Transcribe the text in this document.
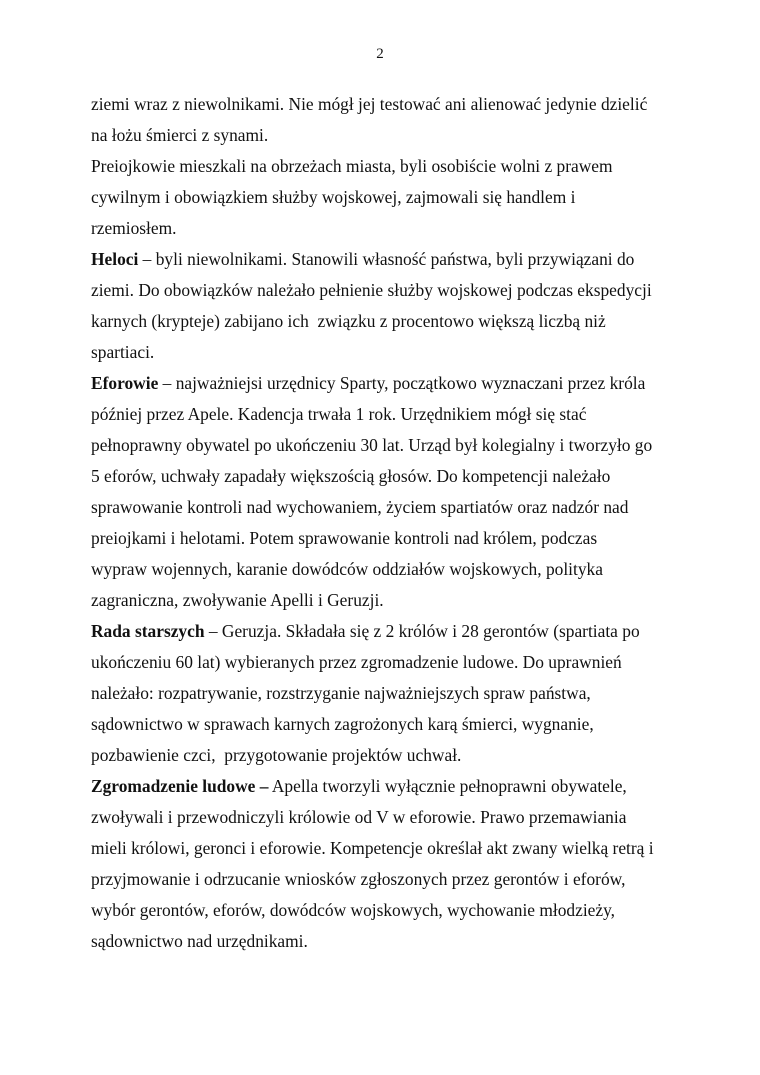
2
ziemi wraz z niewolnikami. Nie mógł jej testować ani alienować jedynie dzielić
na łożu śmierci z synami.
Preiojkowie mieszkali na obrzeżach miasta, byli osobiście wolni z prawem
cywilnym i obowiązkiem służby wojskowej, zajmowali się handlem i
rzemiosłem.
Heloci – byli niewolnikami. Stanowili własność państwa, byli przywiązani do
ziemi. Do obowiązków należało pełnienie służby wojskowej podczas ekspedycji
karnych (krypteje) zabijano ich  związku z procentowo większą liczbą niż
spartiaci.
Eforowie – najważniejsi urzędnicy Sparty, początkowo wyznaczani przez króla
później przez Apele. Kadencja trwała 1 rok. Urzędnikiem mógł się stać
pełnoprawny obywatel po ukończeniu 30 lat. Urząd był kolegialny i tworzyło go
5 eforów, uchwały zapadały większością głosów. Do kompetencji należało
sprawowanie kontroli nad wychowaniem, życiem spartiatów oraz nadzór nad
preiojkami i helotami. Potem sprawowanie kontroli nad królem, podczas
wypraw wojennych, karanie dowódców oddziałów wojskowych, polityka
zagraniczna, zwoływanie Apelli i Geruzji.
Rada starszych – Geruzja. Składała się z 2 królów i 28 gerontów (spartiata po
ukończeniu 60 lat) wybieranych przez zgromadzenie ludowe. Do uprawnień
należało: rozpatrywanie, rozstrzyganie najważniejszych spraw państwa,
sądownictwo w sprawach karnych zagrożonych karą śmierci, wygnanie,
pozbawienie czci,  przygotowanie projektów uchwał.
Zgromadzenie ludowe – Apella tworzyli wyłącznie pełnoprawni obywatele,
zwoływali i przewodniczyli królowie od V w eforowie. Prawo przemawiania
mieli królowi, geronci i eforowie. Kompetencje określał akt zwany wielką retrą i
przyjmowanie i odrzucanie wniosków zgłoszonych przez gerontów i eforów,
wybór gerontów, eforów, dowódców wojskowych, wychowanie młodzieży,
sądownictwo nad urzędnikami.
